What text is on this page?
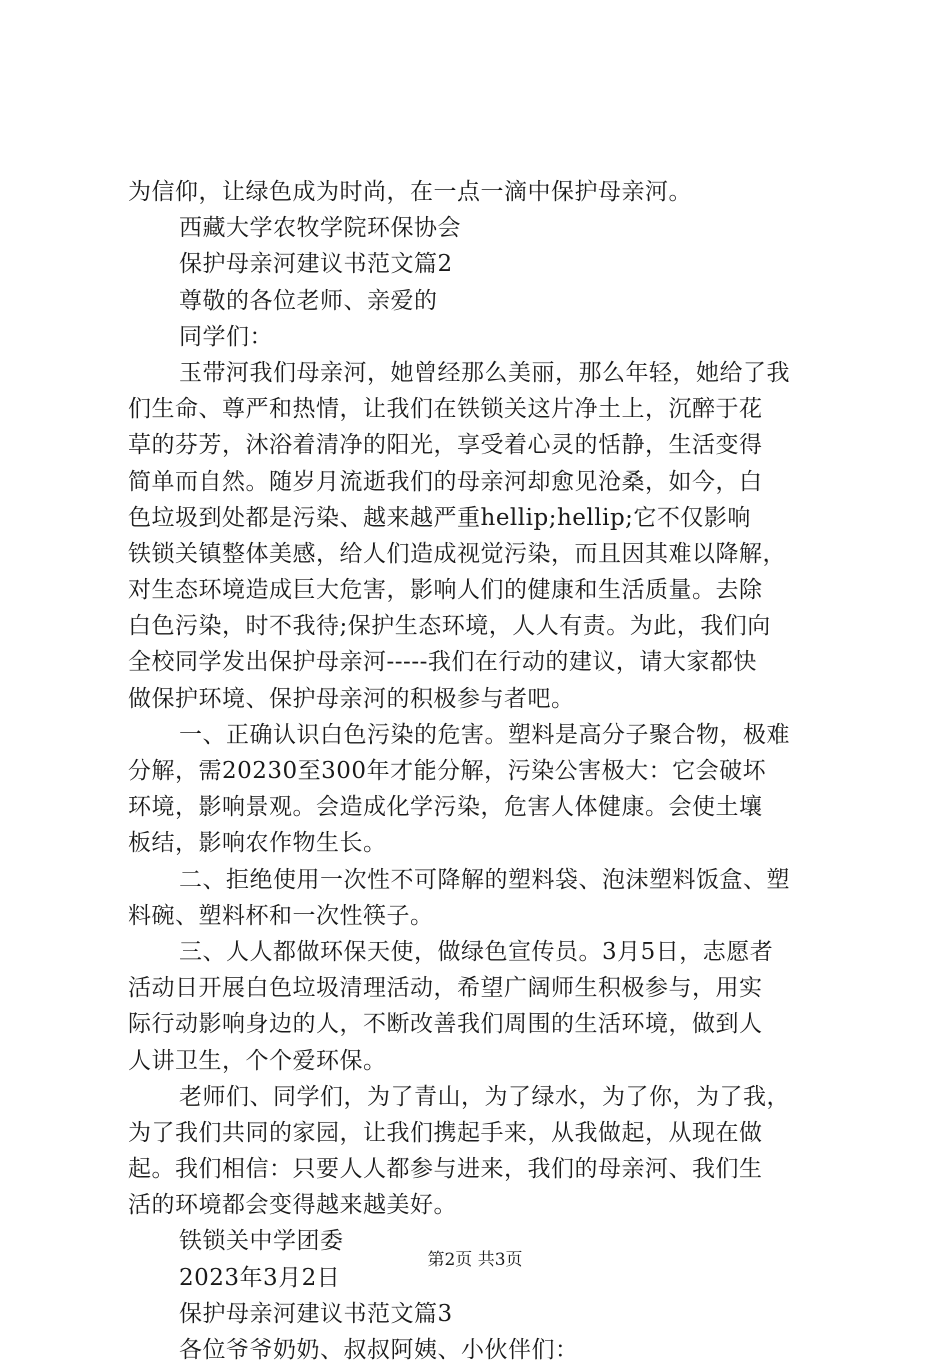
为信仰，让绿色成为时尚，在一点一滴中保护母亲河。
西藏大学农牧学院环保协会
保护母亲河建议书范文篇2
尊敬的各位老师、亲爱的
同学们：
玉带河我们母亲河，她曾经那么美丽，那么年轻，她给了我
们生命、尊严和热情，让我们在铁锁关这片净土上，沉醉于花
草的芬芳，沐浴着清净的阳光，享受着心灵的恬静，生活变得
简单而自然。随岁月流逝我们的母亲河却愈见沧桑，如今，白
色垃圾到处都是污染、越来越严重hellip;hellip;它不仅影响
铁锁关镇整体美感，给人们造成视觉污染，而且因其难以降解，
对生态环境造成巨大危害，影响人们的健康和生活质量。去除
白色污染，时不我待;保护生态环境，人人有责。为此，我们向
全校同学发出保护母亲河-----我们在行动的建议，请大家都快
做保护环境、保护母亲河的积极参与者吧。
一、正确认识白色污染的危害。塑料是高分子聚合物，极难
分解，需20230至300年才能分解，污染公害极大：它会破坏
环境，影响景观。会造成化学污染，危害人体健康。会使土壤
板结，影响农作物生长。
二、拒绝使用一次性不可降解的塑料袋、泡沫塑料饭盒、塑
料碗、塑料杯和一次性筷子。
三、人人都做环保天使，做绿色宣传员。3月5日，志愿者
活动日开展白色垃圾清理活动，希望广阔师生积极参与，用实
际行动影响身边的人，不断改善我们周围的生活环境，做到人
人讲卫生，个个爱环保。
老师们、同学们，为了青山，为了绿水，为了你，为了我，
为了我们共同的家园，让我们携起手来，从我做起，从现在做
起。我们相信：只要人人都参与进来，我们的母亲河、我们生
活的环境都会变得越来越美好。
铁锁关中学团委
2023年3月2日
保护母亲河建议书范文篇3
各位爷爷奶奶、叔叔阿姨、小伙伴们：
第2页 共3页
